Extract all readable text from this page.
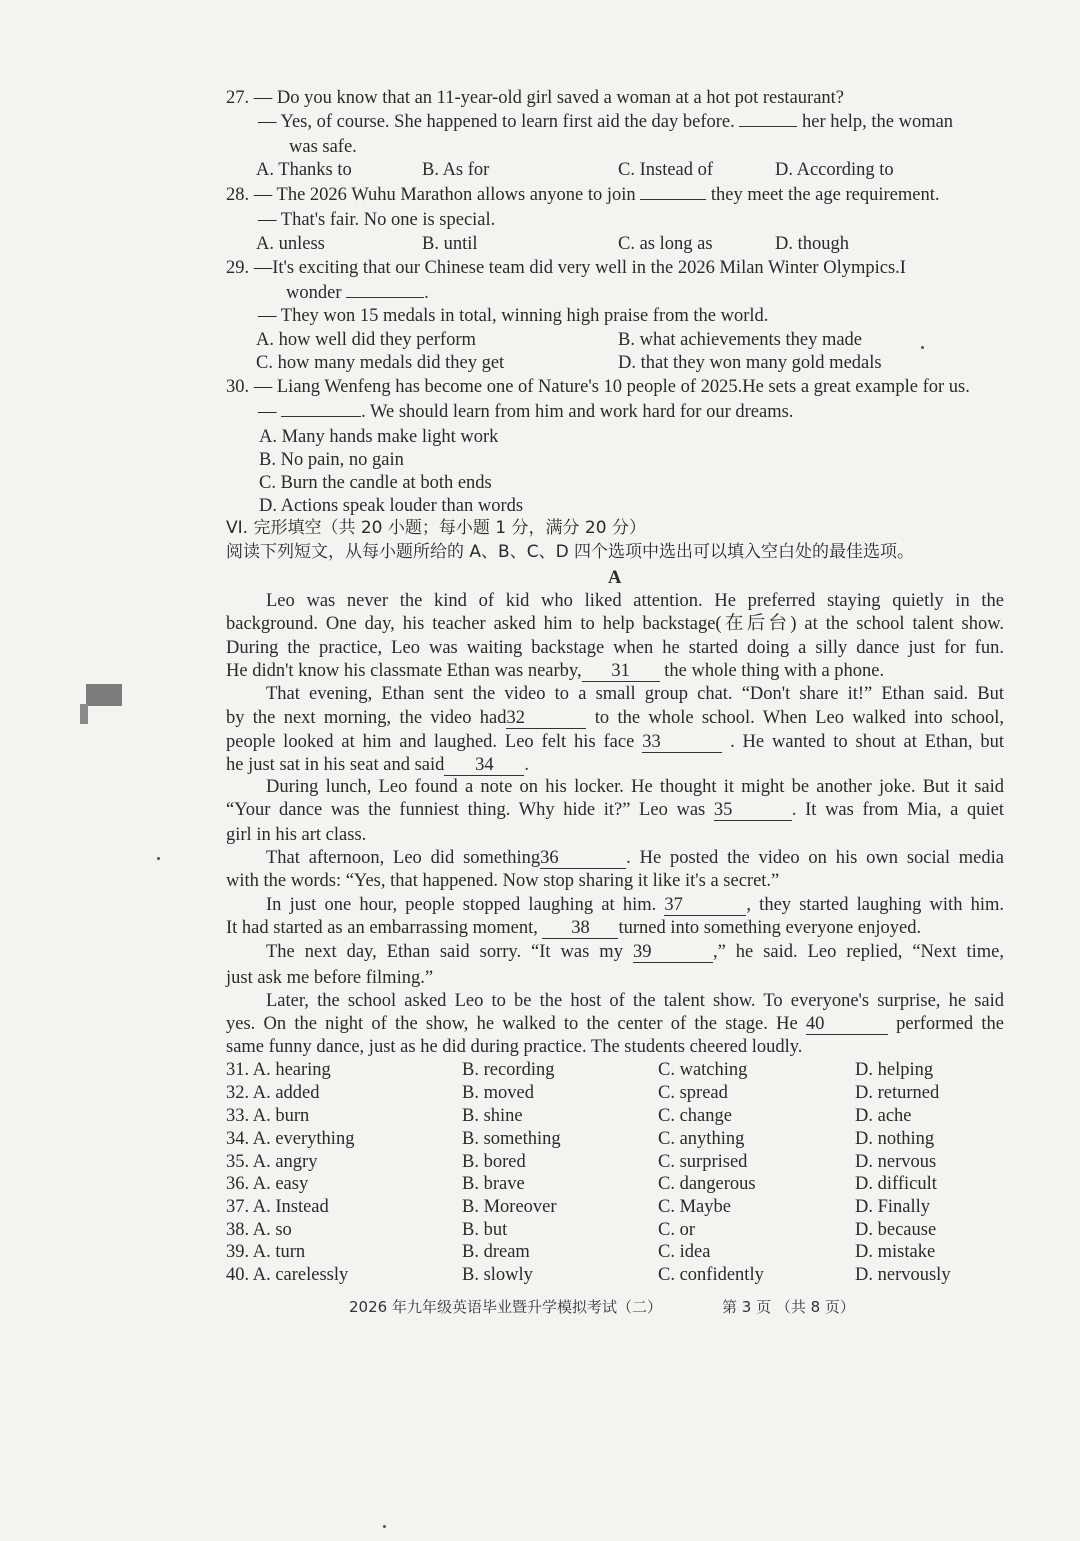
27. — Do you know that an 11-year-old girl saved a woman at a hot pot restaurant?
— Yes, of course. She happened to learn first aid the day before.	her help, the woman
was safe.
A. Thanks to	B. As for	C. Instead of	D. According to
28. — The 2026 Wuhu Marathon allows anyone to join	they meet the age requirement.
— That's fair. No one is special.
A. unless	B. until	C. as long as	D. though
29. —It's exciting that our Chinese team did very well in the 2026 Milan Winter Olympics.I
wonder	.
— They won 15 medals in total, winning high praise from the world.
A. how well did they perform	B. what achievements they made
C. how many medals did they get	D. that they won many gold medals
30. — Liang Wenfeng has become one of Nature's 10 people of 2025.He sets a great example for us.
—	. We should learn from him and work hard for our dreams.
A. Many hands make light work
B. No pain, no gain
C. Burn the candle at both ends
D. Actions speak louder than words
VI. 完形填空（共 20 小题；每小题 1 分，满分 20 分）
阅读下列短文，从每小题所给的 A、B、C、D 四个选项中选出可以填入空白处的最佳选项。
A
Leo was never the kind of kid who liked attention. He preferred staying quietly in the
background. One day, his teacher asked him to help backstage(在后台) at the school talent show.
During the practice, Leo was waiting backstage when he started doing a silly dance just for fun.
He didn't know his classmate Ethan was nearby, 31 the whole thing with a phone.
That evening, Ethan sent the video to a small group chat. “Don't share it!” Ethan said. But
by the next morning, the video had32	to the whole school. When Leo walked into school,
people looked at him and laughed. Leo felt his face 33	. He wanted to shout at Ethan, but
he just sat in his seat and said 34 .
During lunch, Leo found a note on his locker. He thought it might be another joke. But it said
“Your dance was the funniest thing. Why hide it?” Leo was 35	. It was from Mia, a quiet
girl in his art class.
That afternoon, Leo did something36	. He posted the video on his own social media
with the words: “Yes, that happened. Now stop sharing it like it's a secret.”
In just one hour, people stopped laughing at him. 37	, they started laughing with him.
It had started as an embarrassing moment, 38 turned into something everyone enjoyed.
The next day, Ethan said sorry. “It was my 39	,” he said. Leo replied, “Next time,
just ask me before filming.”
Later, the school asked Leo to be the host of the talent show. To everyone's surprise, he said
yes. On the night of the show, he walked to the center of the stage. He 40	performed the
same funny dance, just as he did during practice. The students cheered loudly.
31. A. hearing	B. recording	C. watching	D. helping
32. A. added	B. moved	C. spread	D. returned
33. A. burn	B. shine	C. change	D. ache
34. A. everything	B. something	C. anything	D. nothing
35. A. angry	B. bored	C. surprised	D. nervous
36. A. easy	B. brave	C. dangerous	D. difficult
37. A. Instead	B. Moreover	C. Maybe	D. Finally
38. A. so	B. but	C. or	D. because
39. A. turn	B. dream	C. idea	D. mistake
40. A. carelessly	B. slowly	C. confidently	D. nervously
2026 年九年级英语毕业暨升学模拟考试（二）	第 3 页 （共 8 页）
